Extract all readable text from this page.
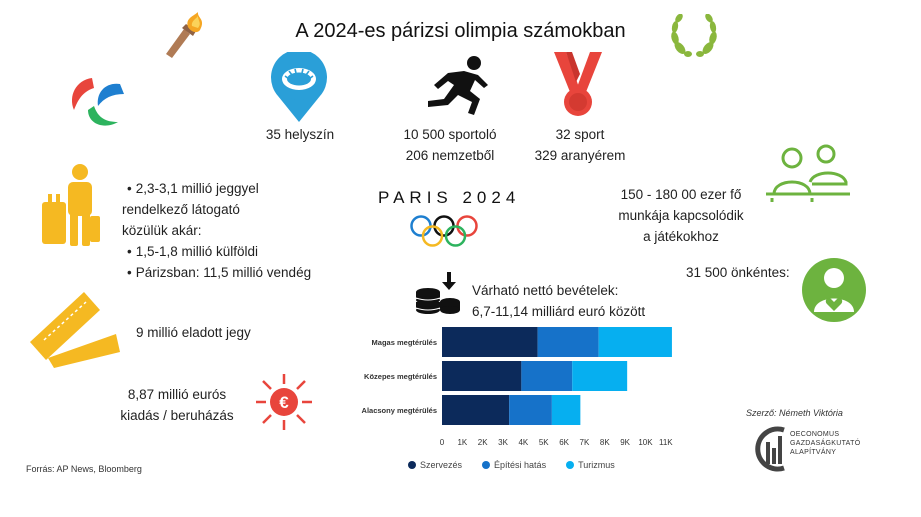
A 2024-es párizsi olimpia számokban
35 helyszín	10 500 sportoló
206 nemzetből
32 sport
329 aranyérem
• 2,3-3,1 millió jeggyel
rendelkező látogató
közülük akár:
• 1,5-1,8 millió külföldi
• Párizsban: 11,5 millió vendég
PARIS 2024	150 - 180 00 ezer fő
munkája kapcsolódik
a játékokhoz
31 500 önkéntes:
9 millió eladott jegy
8,87 millió eurós
kiadás / beruházás
€
Várható nettó bevételek:
6,7-11,14 milliárd euró között
Magas megtérülés
Közepes megtérülés
Alacsony megtérülés
0 1K 2K 3K 4K 5K 6K 7K 8K 9K 10K 11K
Szervezés	Építési hatás	Turizmus
Forrás: AP News, Bloomberg
Szerző: Németh Viktória
OECONOMUS
GAZDASÁGKUTATÓ
ALAPÍTVÁNY
